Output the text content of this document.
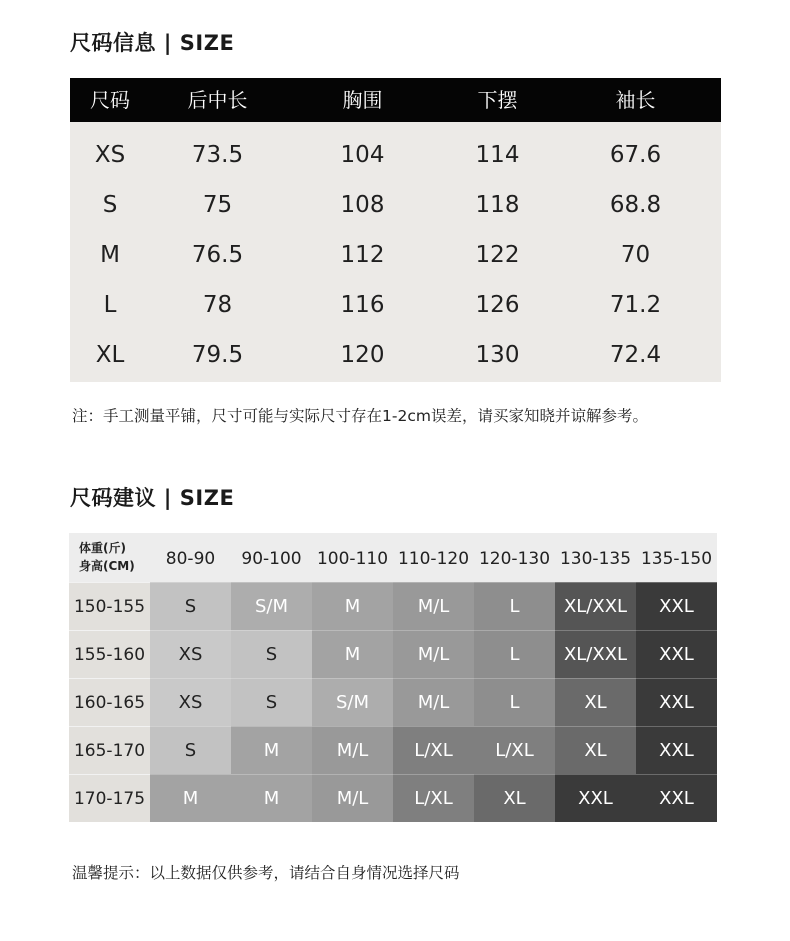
尺码信息 | SIZE
尺码	后中长	胸围	下摆	袖长
XS	73.5	104	114	67.6
S	75	108	118	68.8
M	76.5	112	122	70
L	78	116	126	71.2
XL	79.5	120	130	72.4
注：手工测量平铺，尺寸可能与实际尺寸存在1-2cm误差，请买家知晓并谅解参考。
尺码建议 | SIZE
体重(斤)
身高(CM)	80-90	90-100 100-110 110-120 120-130 130-135 135-150
150-155	S	S/M	M	M/L	L	XL/XXL	XXL
155-160	XS	S	M	M/L	L	XL/XXL	XXL
160-165	XS	S	S/M	M/L	L	XL	XXL
165-170	S	M	M/L	L/XL	L/XL	XL	XXL
170-175	M	M	M/L	L/XL	XL	XXL	XXL
温馨提示：以上数据仅供参考，请结合自身情况选择尺码
